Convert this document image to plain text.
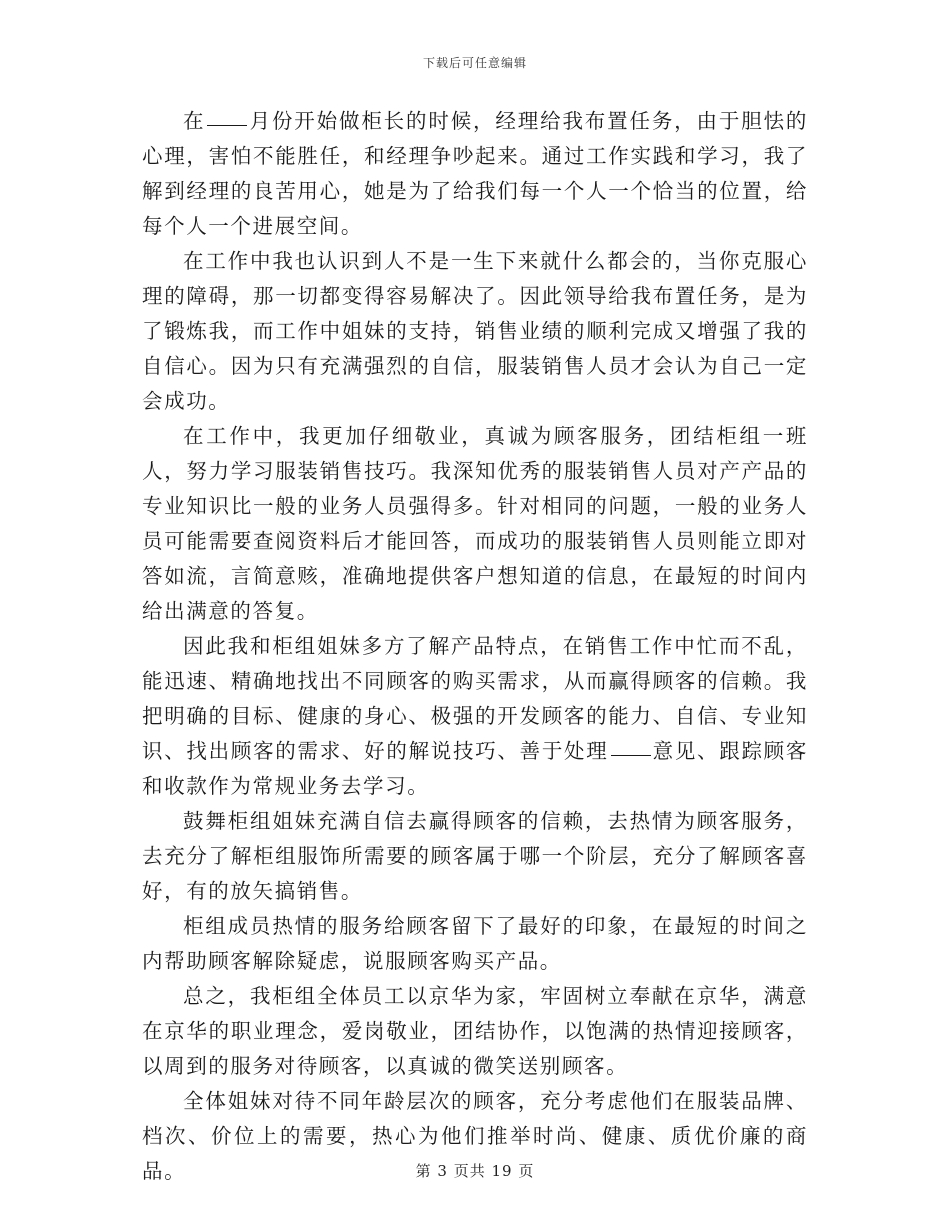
下载后可任意编辑

在 月份开始做柜长的时候，经理给我布置任务，由于胆怯的心理，害怕不能胜任，和经理争吵起来。通过工作实践和学习，我了解到经理的良苦用心，她是为了给我们每一个人一个恰当的位置，给每个人一个进展空间。

在工作中我也认识到人不是一生下来就什么都会的，当你克服心理的障碍，那一切都变得容易解决了。因此领导给我布置任务，是为了锻炼我，而工作中姐妹的支持，销售业绩的顺利完成又增强了我的自信心。因为只有充满强烈的自信，服装销售人员才会认为自己一定会成功。

在工作中，我更加仔细敬业，真诚为顾客服务，团结柜组一班人，努力学习服装销售技巧。我深知优秀的服装销售人员对产产品的专业知识比一般的业务人员强得多。针对相同的问题，一般的业务人员可能需要查阅资料后才能回答，而成功的服装销售人员则能立即对答如流，言简意赅，准确地提供客户想知道的信息，在最短的时间内给出满意的答复。

因此我和柜组姐妹多方了解产品特点，在销售工作中忙而不乱，能迅速、精确地找出不同顾客的购买需求，从而赢得顾客的信赖。我把明确的目标、健康的身心、极强的开发顾客的能力、自信、专业知识、找出顾客的需求、好的解说技巧、善于处理 意见、跟踪顾客和收款作为常规业务去学习。

鼓舞柜组姐妹充满自信去赢得顾客的信赖，去热情为顾客服务，去充分了解柜组服饰所需要的顾客属于哪一个阶层，充分了解顾客喜好，有的放矢搞销售。

柜组成员热情的服务给顾客留下了最好的印象，在最短的时间之内帮助顾客解除疑虑，说服顾客购买产品。

总之，我柜组全体员工以京华为家，牢固树立奉献在京华，满意在京华的职业理念，爱岗敬业，团结协作，以饱满的热情迎接顾客，以周到的服务对待顾客，以真诚的微笑送别顾客。

全体姐妹对待不同年龄层次的顾客，充分考虑他们在服装品牌、档次、价位上的需要，热心为他们推举时尚、健康、质优价廉的商品。	第 3 页共 19 页
